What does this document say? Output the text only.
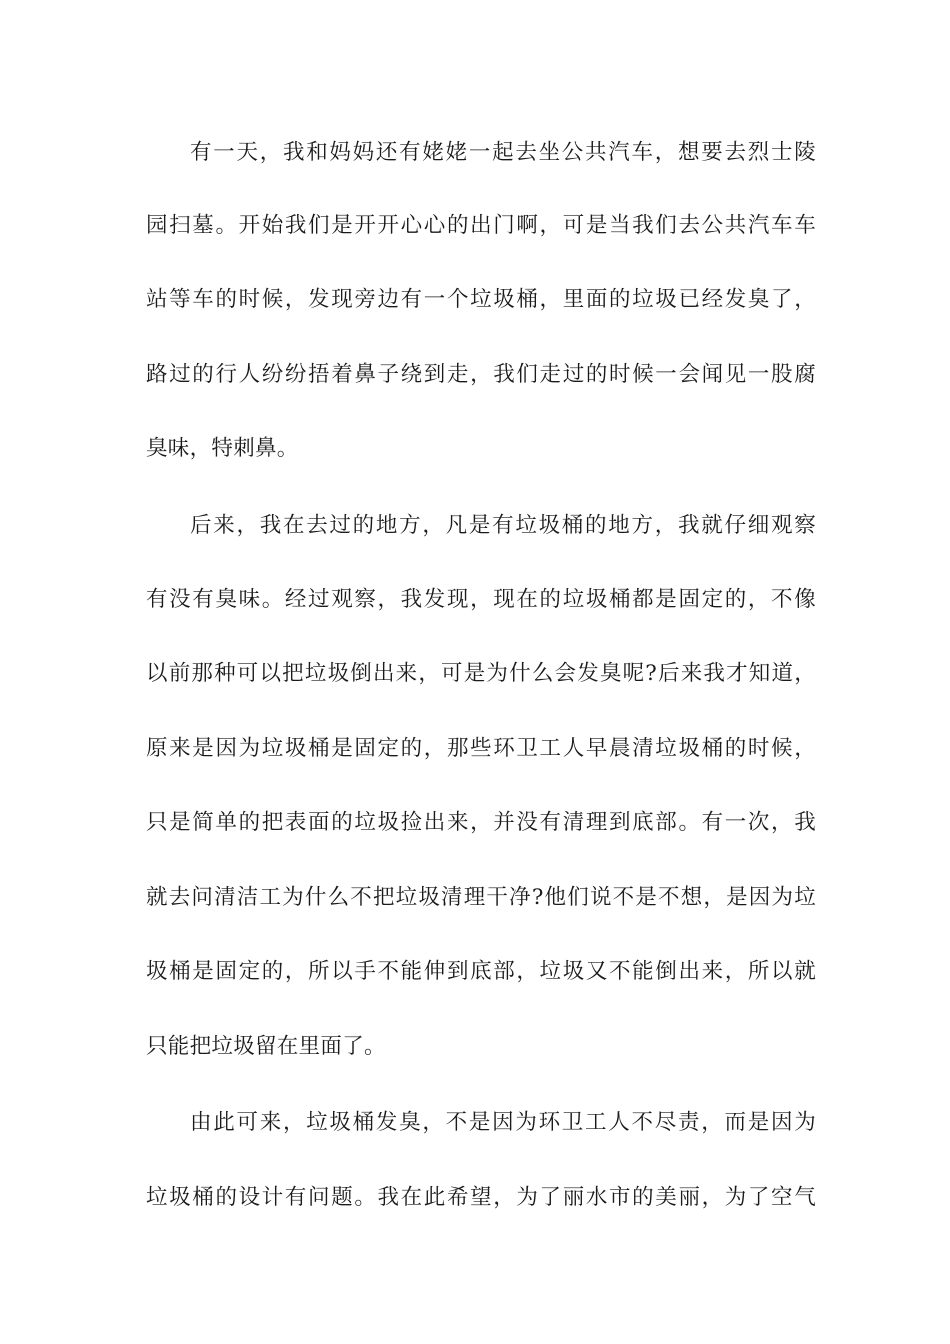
有一天，我和妈妈还有姥姥一起去坐公共汽车，想要去烈士陵
园扫墓。开始我们是开开心心的出门啊，可是当我们去公共汽车车
站等车的时候，发现旁边有一个垃圾桶，里面的垃圾已经发臭了，
路过的行人纷纷捂着鼻子绕到走，我们走过的时候一会闻见一股腐
臭味，特刺鼻。
后来，我在去过的地方，凡是有垃圾桶的地方，我就仔细观察
有没有臭味。经过观察，我发现，现在的垃圾桶都是固定的，不像
以前那种可以把垃圾倒出来，可是为什么会发臭呢?后来我才知道，
原来是因为垃圾桶是固定的，那些环卫工人早晨清垃圾桶的时候，
只是简单的把表面的垃圾捡出来，并没有清理到底部。有一次，我
就去问清洁工为什么不把垃圾清理干净?他们说不是不想，是因为垃
圾桶是固定的，所以手不能伸到底部，垃圾又不能倒出来，所以就
只能把垃圾留在里面了。
由此可来，垃圾桶发臭，不是因为环卫工人不尽责，而是因为
垃圾桶的设计有问题。我在此希望，为了丽水市的美丽，为了空气
